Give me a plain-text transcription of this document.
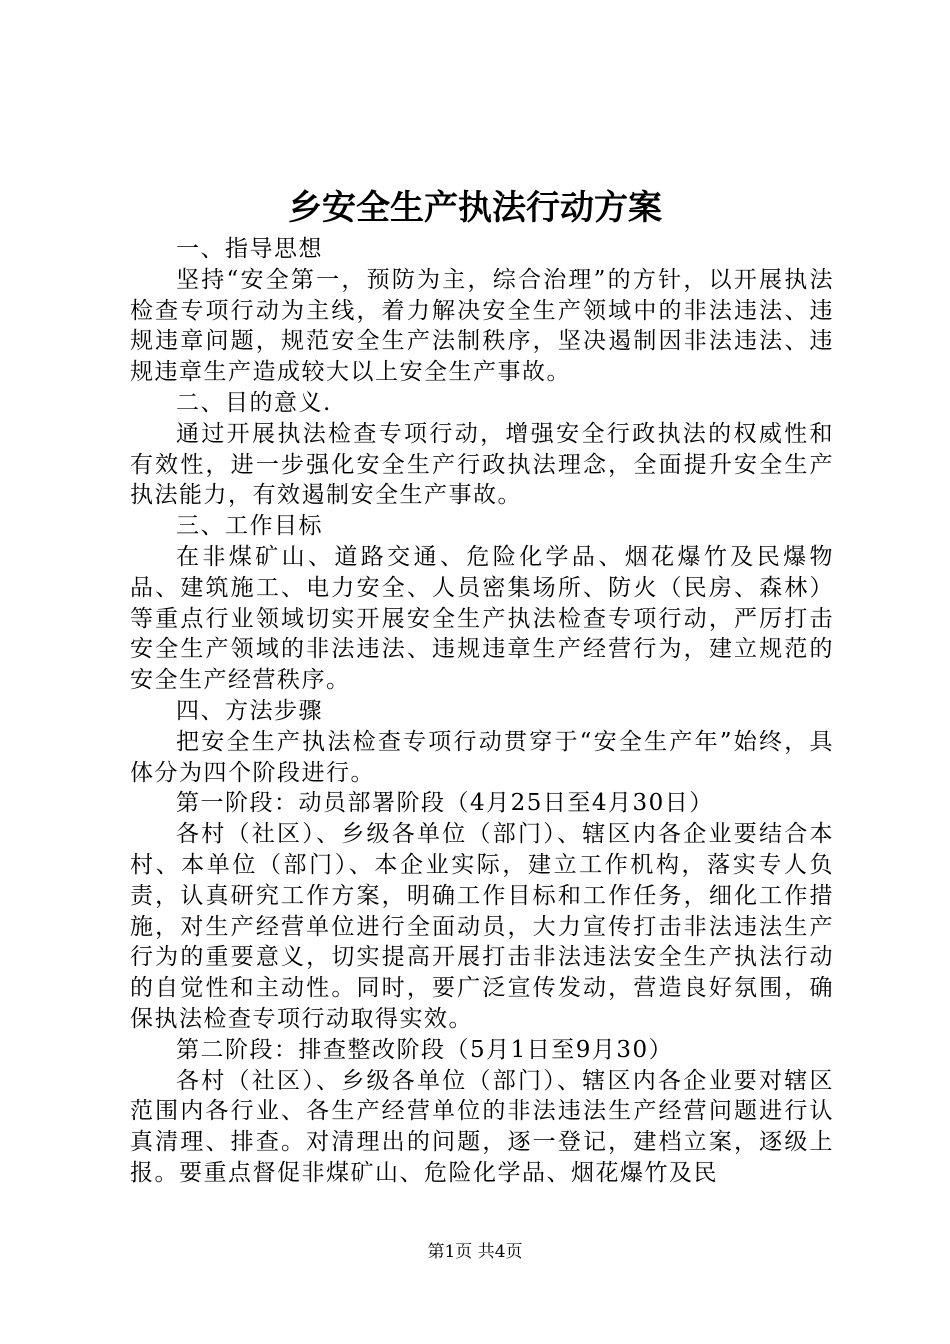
乡安全生产执法行动方案

一、指导思想

坚持“安全第一，预防为主，综合治理”的方针，以开展执法检查专项行动为主线，着力解决安全生产领域中的非法违法、违规违章问题，规范安全生产法制秩序，坚决遏制因非法违法、违规违章生产造成较大以上安全生产事故。

二、目的意义.

通过开展执法检查专项行动，增强安全行政执法的权威性和有效性，进一步强化安全生产行政执法理念，全面提升安全生产执法能力，有效遏制安全生产事故。

三、工作目标

在非煤矿山、道路交通、危险化学品、烟花爆竹及民爆物品、建筑施工、电力安全、人员密集场所、防火（民房、森林）等重点行业领域切实开展安全生产执法检查专项行动，严厉打击安全生产领域的非法违法、违规违章生产经营行为，建立规范的安全生产经营秩序。

四、方法步骤

把安全生产执法检查专项行动贯穿于“安全生产年”始终，具体分为四个阶段进行。

第一阶段：动员部署阶段（4月25日至4月30日）

各村（社区）、乡级各单位（部门）、辖区内各企业要结合本村、本单位（部门）、本企业实际，建立工作机构，落实专人负责，认真研究工作方案，明确工作目标和工作任务，细化工作措施，对生产经营单位进行全面动员，大力宣传打击非法违法生产行为的重要意义，切实提高开展打击非法违法安全生产执法行动的自觉性和主动性。同时，要广泛宣传发动，营造良好氛围，确保执法检查专项行动取得实效。

第二阶段：排查整改阶段（5月1日至9月30）

各村（社区）、乡级各单位（部门）、辖区内各企业要对辖区范围内各行业、各生产经营单位的非法违法生产经营问题进行认真清理、排查。对清理出的问题，逐一登记，建档立案，逐级上报。要重点督促非煤矿山、危险化学品、烟花爆竹及民

第1页 共4页
